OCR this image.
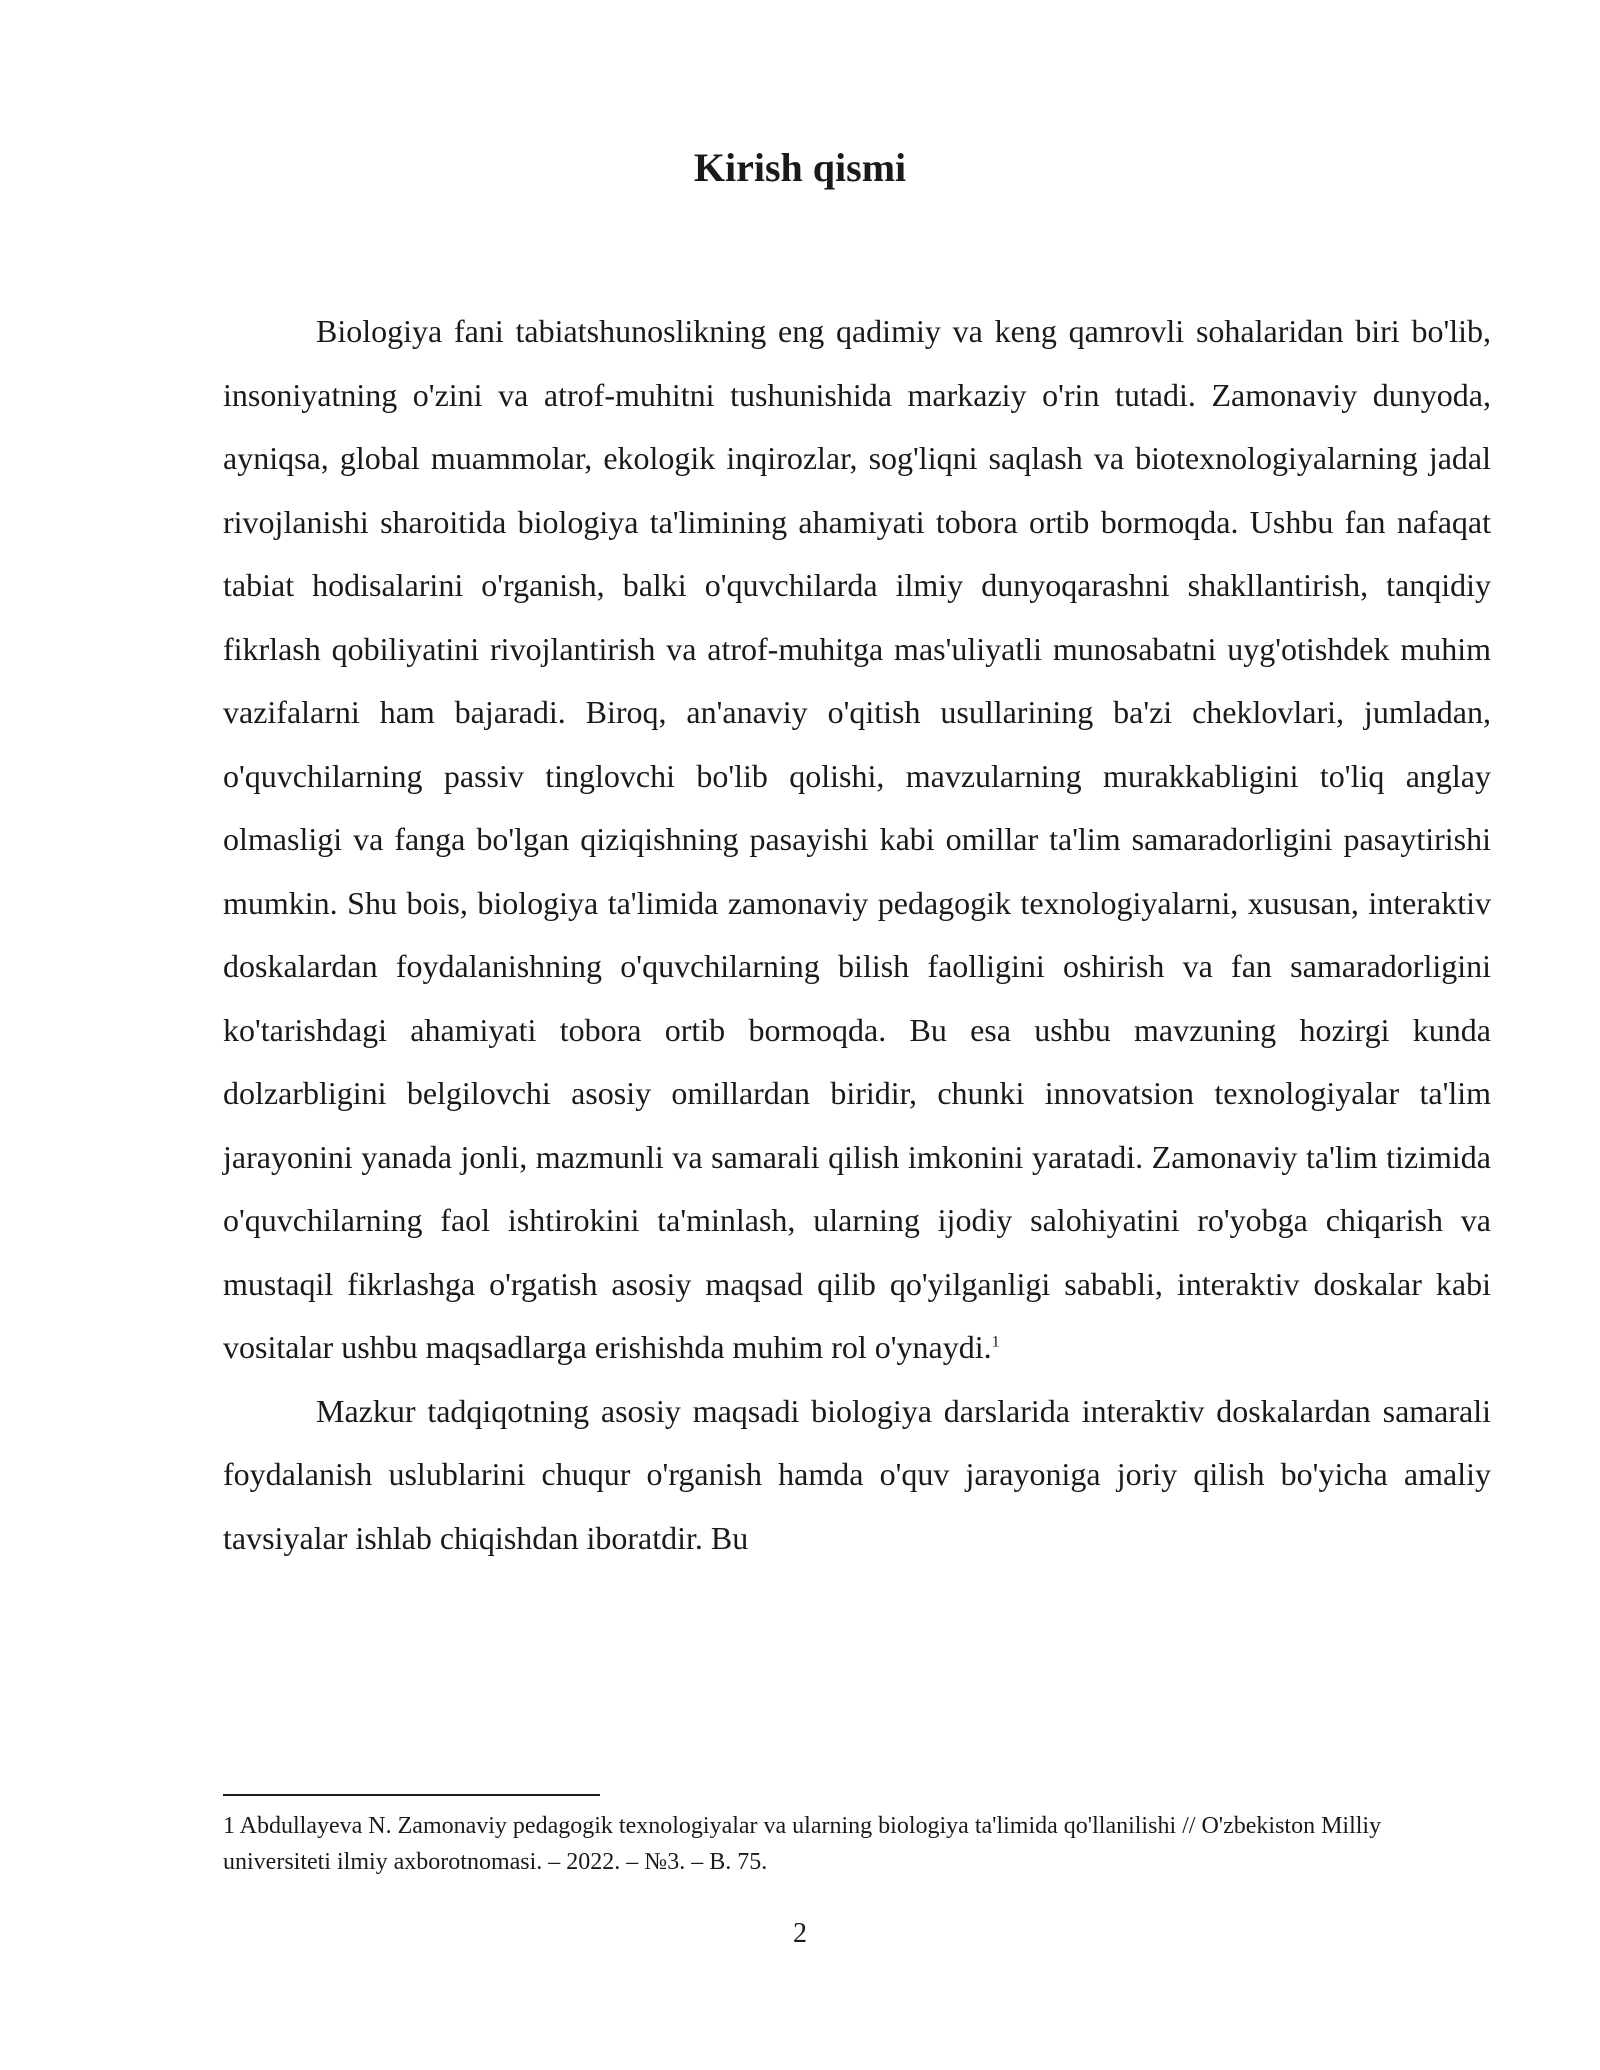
Kirish qismi

Biologiya fani tabiatshunoslikning eng qadimiy va keng qamrovli sohalaridan biri bo'lib, insoniyatning o'zini va atrof-muhitni tushunishida markaziy o'rin tutadi. Zamonaviy dunyoda, ayniqsa, global muammolar, ekologik inqirozlar, sog'liqni saqlash va biotexnologiyalarning jadal rivojlanishi sharoitida biologiya ta'limining ahamiyati tobora ortib bormoqda. Ushbu fan nafaqat tabiat hodisalarini o'rganish, balki o'quvchilarda ilmiy dunyoqarashni shakllantirish, tanqidiy fikrlash qobiliyatini rivojlantirish va atrof-muhitga mas'uliyatli munosabatni uyg'otishdek muhim vazifalarni ham bajaradi. Biroq, an'anaviy o'qitish usullarining ba'zi cheklovlari, jumladan, o'quvchilarning passiv tinglovchi bo'lib qolishi, mavzularning murakkabligini to'liq anglay olmasligi va fanga bo'lgan qiziqishning pasayishi kabi omillar ta'lim samaradorligini pasaytirishi mumkin. Shu bois, biologiya ta'limida zamonaviy pedagogik texnologiyalarni, xususan, interaktiv doskalardan foydalanishning o'quvchilarning bilish faolligini oshirish va fan samaradorligini ko'tarishdagi ahamiyati tobora ortib bormoqda. Bu esa ushbu mavzuning hozirgi kunda dolzarbligini belgilovchi asosiy omillardan biridir, chunki innovatsion texnologiyalar ta'lim jarayonini yanada jonli, mazmunli va samarali qilish imkonini yaratadi. Zamonaviy ta'lim tizimida o'quvchilarning faol ishtirokini ta'minlash, ularning ijodiy salohiyatini ro'yobga chiqarish va mustaqil fikrlashga o'rgatish asosiy maqsad qilib qo'yilganligi sababli, interaktiv doskalar kabi vositalar ushbu maqsadlarga erishishda muhim rol o'ynaydi.$^1$

Mazkur tadqiqotning asosiy maqsadi biologiya darslarida interaktiv doskalardan samarali foydalanish uslublarini chuqur o'rganish hamda o'quv jarayoniga joriy qilish bo'yicha amaliy tavsiyalar ishlab chiqishdan iboratdir. Bu

1 Abdullayeva N. Zamonaviy pedagogik texnologiyalar va ularning biologiya ta'limida qo'llanilishi // O'zbekiston Milliy universiteti ilmiy axborotnomasi. – 2022. – №3. – B. 75.

2
